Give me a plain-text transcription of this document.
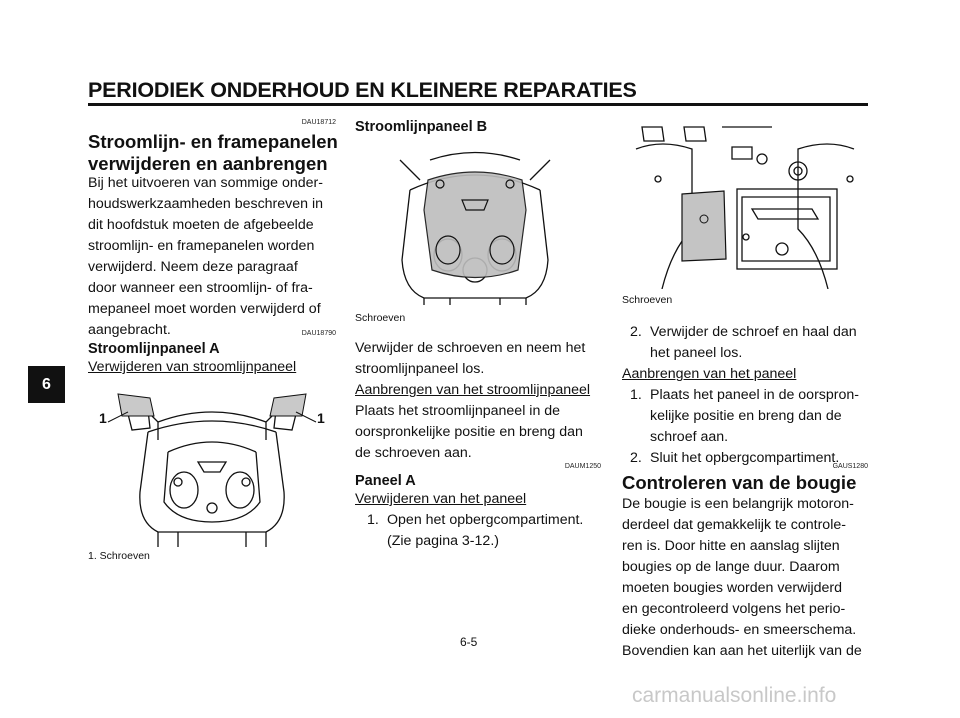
PERIODIEK ONDERHOUD EN KLEINERE REPARATIES
6
DAU18712
Stroomlijn- en framepanelen
verwijderen en aanbrengen
Bij het uitvoeren van sommige onder-
houdswerkzaamheden beschreven in
dit hoofdstuk moeten de afgebeelde
stroomlijn- en framepanelen worden
verwijderd. Neem deze paragraaf
door wanneer een stroomlijn- of fra-
mepaneel moet worden verwijderd of
aangebracht.	DAU18790
Stroomlijnpaneel A
Verwijderen van stroomlijnpaneel
1	1
1. Schroeven
Stroomlijnpaneel B
Schroeven
Verwijder de schroeven en neem het
stroomlijnpaneel los.
Aanbrengen van het stroomlijnpaneel
Plaats het stroomlijnpaneel in de
oorspronkelijke positie en breng dan
de schroeven aan.
DAUM1250
Paneel A
Verwijderen van het paneel
1. Open het opbergcompartiment.
(Zie pagina 3-12.)
Schroeven
2. Verwijder de schroef en haal dan
het paneel los.
Aanbrengen van het paneel
1. Plaats het paneel in de oorspron-
kelijke positie en breng dan de
schroef aan.
2. Sluit het opbergcompartiment.
GAUS1280
Controleren van de bougie
De bougie is een belangrijk motoron-
derdeel dat gemakkelijk te controle-
ren is. Door hitte en aanslag slijten
bougies op de lange duur. Daarom
moeten bougies worden verwijderd
en gecontroleerd volgens het perio-
dieke onderhouds- en smeerschema.
Bovendien kan aan het uiterlijk van de
6-5
carmanualsonline.info
